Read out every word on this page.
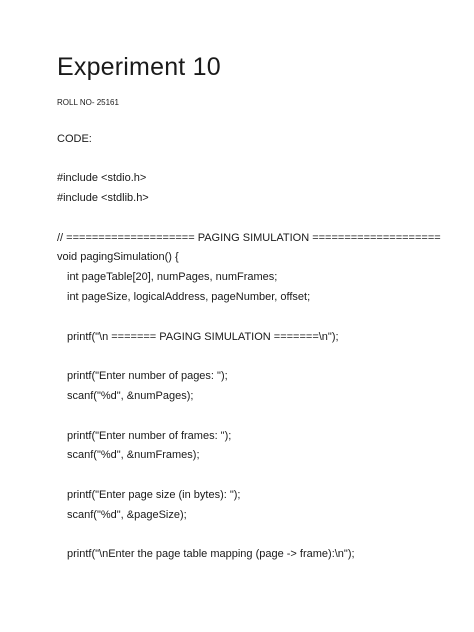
Experiment 10
ROLL NO- 25161
CODE:
#include <stdio.h>
#include <stdlib.h>
// ==================== PAGING SIMULATION ====================
void pagingSimulation() {
int pageTable[20], numPages, numFrames;
int pageSize, logicalAddress, pageNumber, offset;
printf("\n ======= PAGING SIMULATION =======\n");
printf("Enter number of pages: ");
scanf("%d", &numPages);
printf("Enter number of frames: ");
scanf("%d", &numFrames);
printf("Enter page size (in bytes): ");
scanf("%d", &pageSize);
printf("\nEnter the page table mapping (page -> frame):\n");
